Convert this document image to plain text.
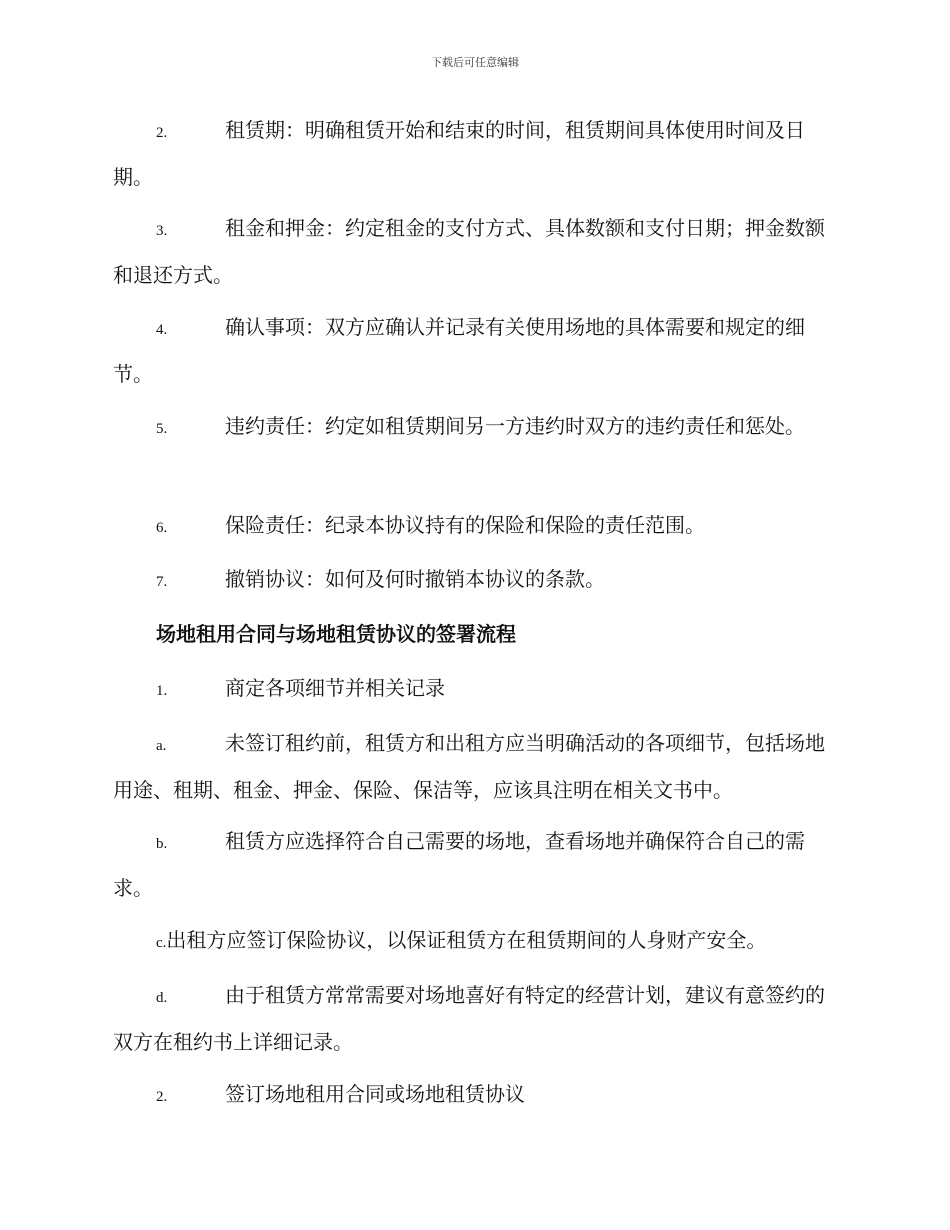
下载后可任意编辑

2.	租赁期：明确租赁开始和结束的时间，租赁期间具体使用时间及日期。

3.	租金和押金：约定租金的支付方式、具体数额和支付日期；押金数额和退还方式。

4.	确认事项：双方应确认并记录有关使用场地的具体需要和规定的细节。

5.	违约责任：约定如租赁期间另一方违约时双方的违约责任和惩处。

6.	保险责任：纪录本协议持有的保险和保险的责任范围。

7.	撤销协议：如何及何时撤销本协议的条款。

场地租用合同与场地租赁协议的签署流程

1.	商定各项细节并相关记录

a.	未签订租约前，租赁方和出租方应当明确活动的各项细节，包括场地用途、租期、租金、押金、保险、保洁等，应该具注明在相关文书中。

b.	租赁方应选择符合自己需要的场地，查看场地并确保符合自己的需求。

c.出租方应签订保险协议，以保证租赁方在租赁期间的人身财产安全。

d.	由于租赁方常常需要对场地喜好有特定的经营计划，建议有意签约的双方在租约书上详细记录。

2.	签订场地租用合同或场地租赁协议
